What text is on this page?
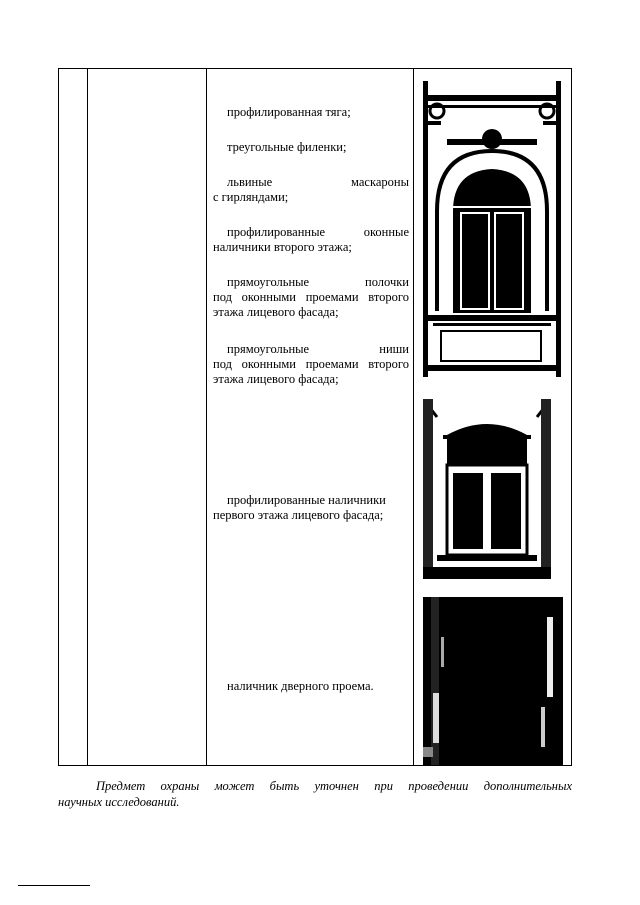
профилированная тяга;
треугольные филенки;
львиные	маскароны
с гирляндами;
профилированные	оконные
наличники второго этажа;
прямоугольные	полочки
под оконными проемами второго
этажа лицевого фасада;
прямоугольные	ниши
под оконными проемами второго
этажа лицевого фасада;
профилированные наличники
первого этажа лицевого фасада;
наличник дверного проема.
Предмет охраны может быть уточнен при проведении дополнительных
научных исследований.
